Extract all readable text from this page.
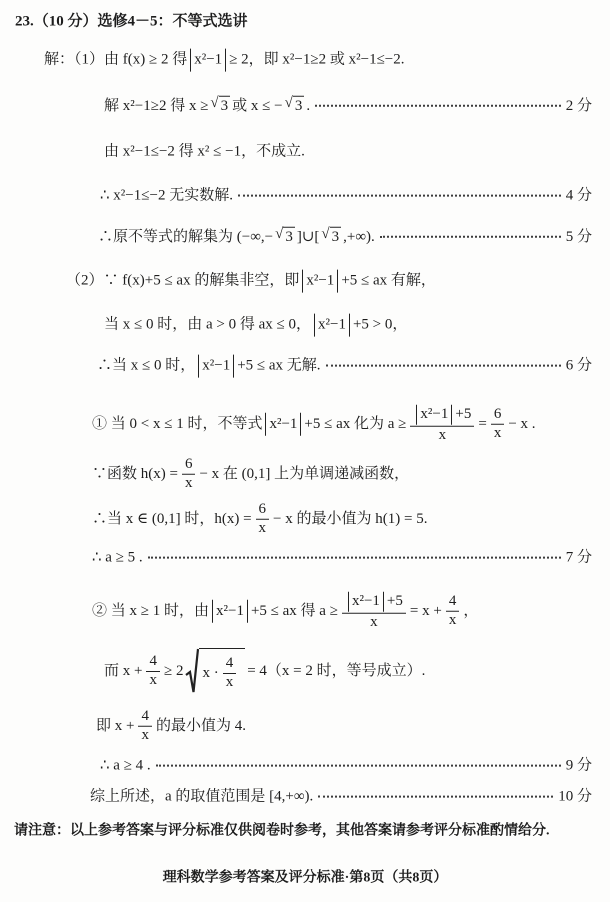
23.（10 分）选修4－5：不等式选讲
解：（1）由 f(x) ≥ 2 得 x²−1 ≥ 2，即 x²−1≥2 或 x²−1≤−2.
解 x²−1≥2 得 x ≥ √ 3 或 x ≤ − √ 3 .	2 分
由 x²−1≤−2 得 x² ≤ −1，不成立.
∴ x²−1≤−2 无实数解.	4 分
∴原不等式的解集为 (−∞,− √ 3 ]∪[ √ 3 ,+∞).	5 分
（2）∵ f(x)+5 ≤ ax 的解集非空，即 x²−1 +5 ≤ ax 有解，
当 x ≤ 0 时，由 a > 0 得 ax ≤ 0， x²−1 +5 > 0，
∴当 x ≤ 0 时， x²−1 +5 ≤ ax 无解.	6 分
① 当 0 < x ≤ 1 时，不等式 x²−1 +5 ≤ ax 化为 $a \ge \frac{\text{x²−1 +5}}{x} = \frac{6}{x} - x$ .
∵函数 $h(x) = \frac{6}{x} - x$ 在 (0,1] 上为单调递减函数，
∴当 x ∈ (0,1] 时，$h(x) = \frac{6}{x} - x$ 的最小值为 h(1) = 5.
∴ a ≥ 5 .	7 分
② 当 x ≥ 1 时，由 x²−1 +5 ≤ ax 得 $a \ge \frac{\text{x²−1 +5}}{x} = x + \frac{4}{x}$ ，
而 $x + \frac{4}{x} \ge 2$ $x \cdot \frac{4}{x} = 4(x = 2$ 时，等号成立）.
即 $x + \frac{4}{x}$ 的最小值为 4.
∴ a ≥ 4 .	9 分
综上所述，a 的取值范围是 [4,+∞).	10 分
请注意：以上参考答案与评分标准仅供阅卷时参考，其他答案请参考评分标准酌情给分.
理科数学参考答案及评分标准·第8页（共8页）
